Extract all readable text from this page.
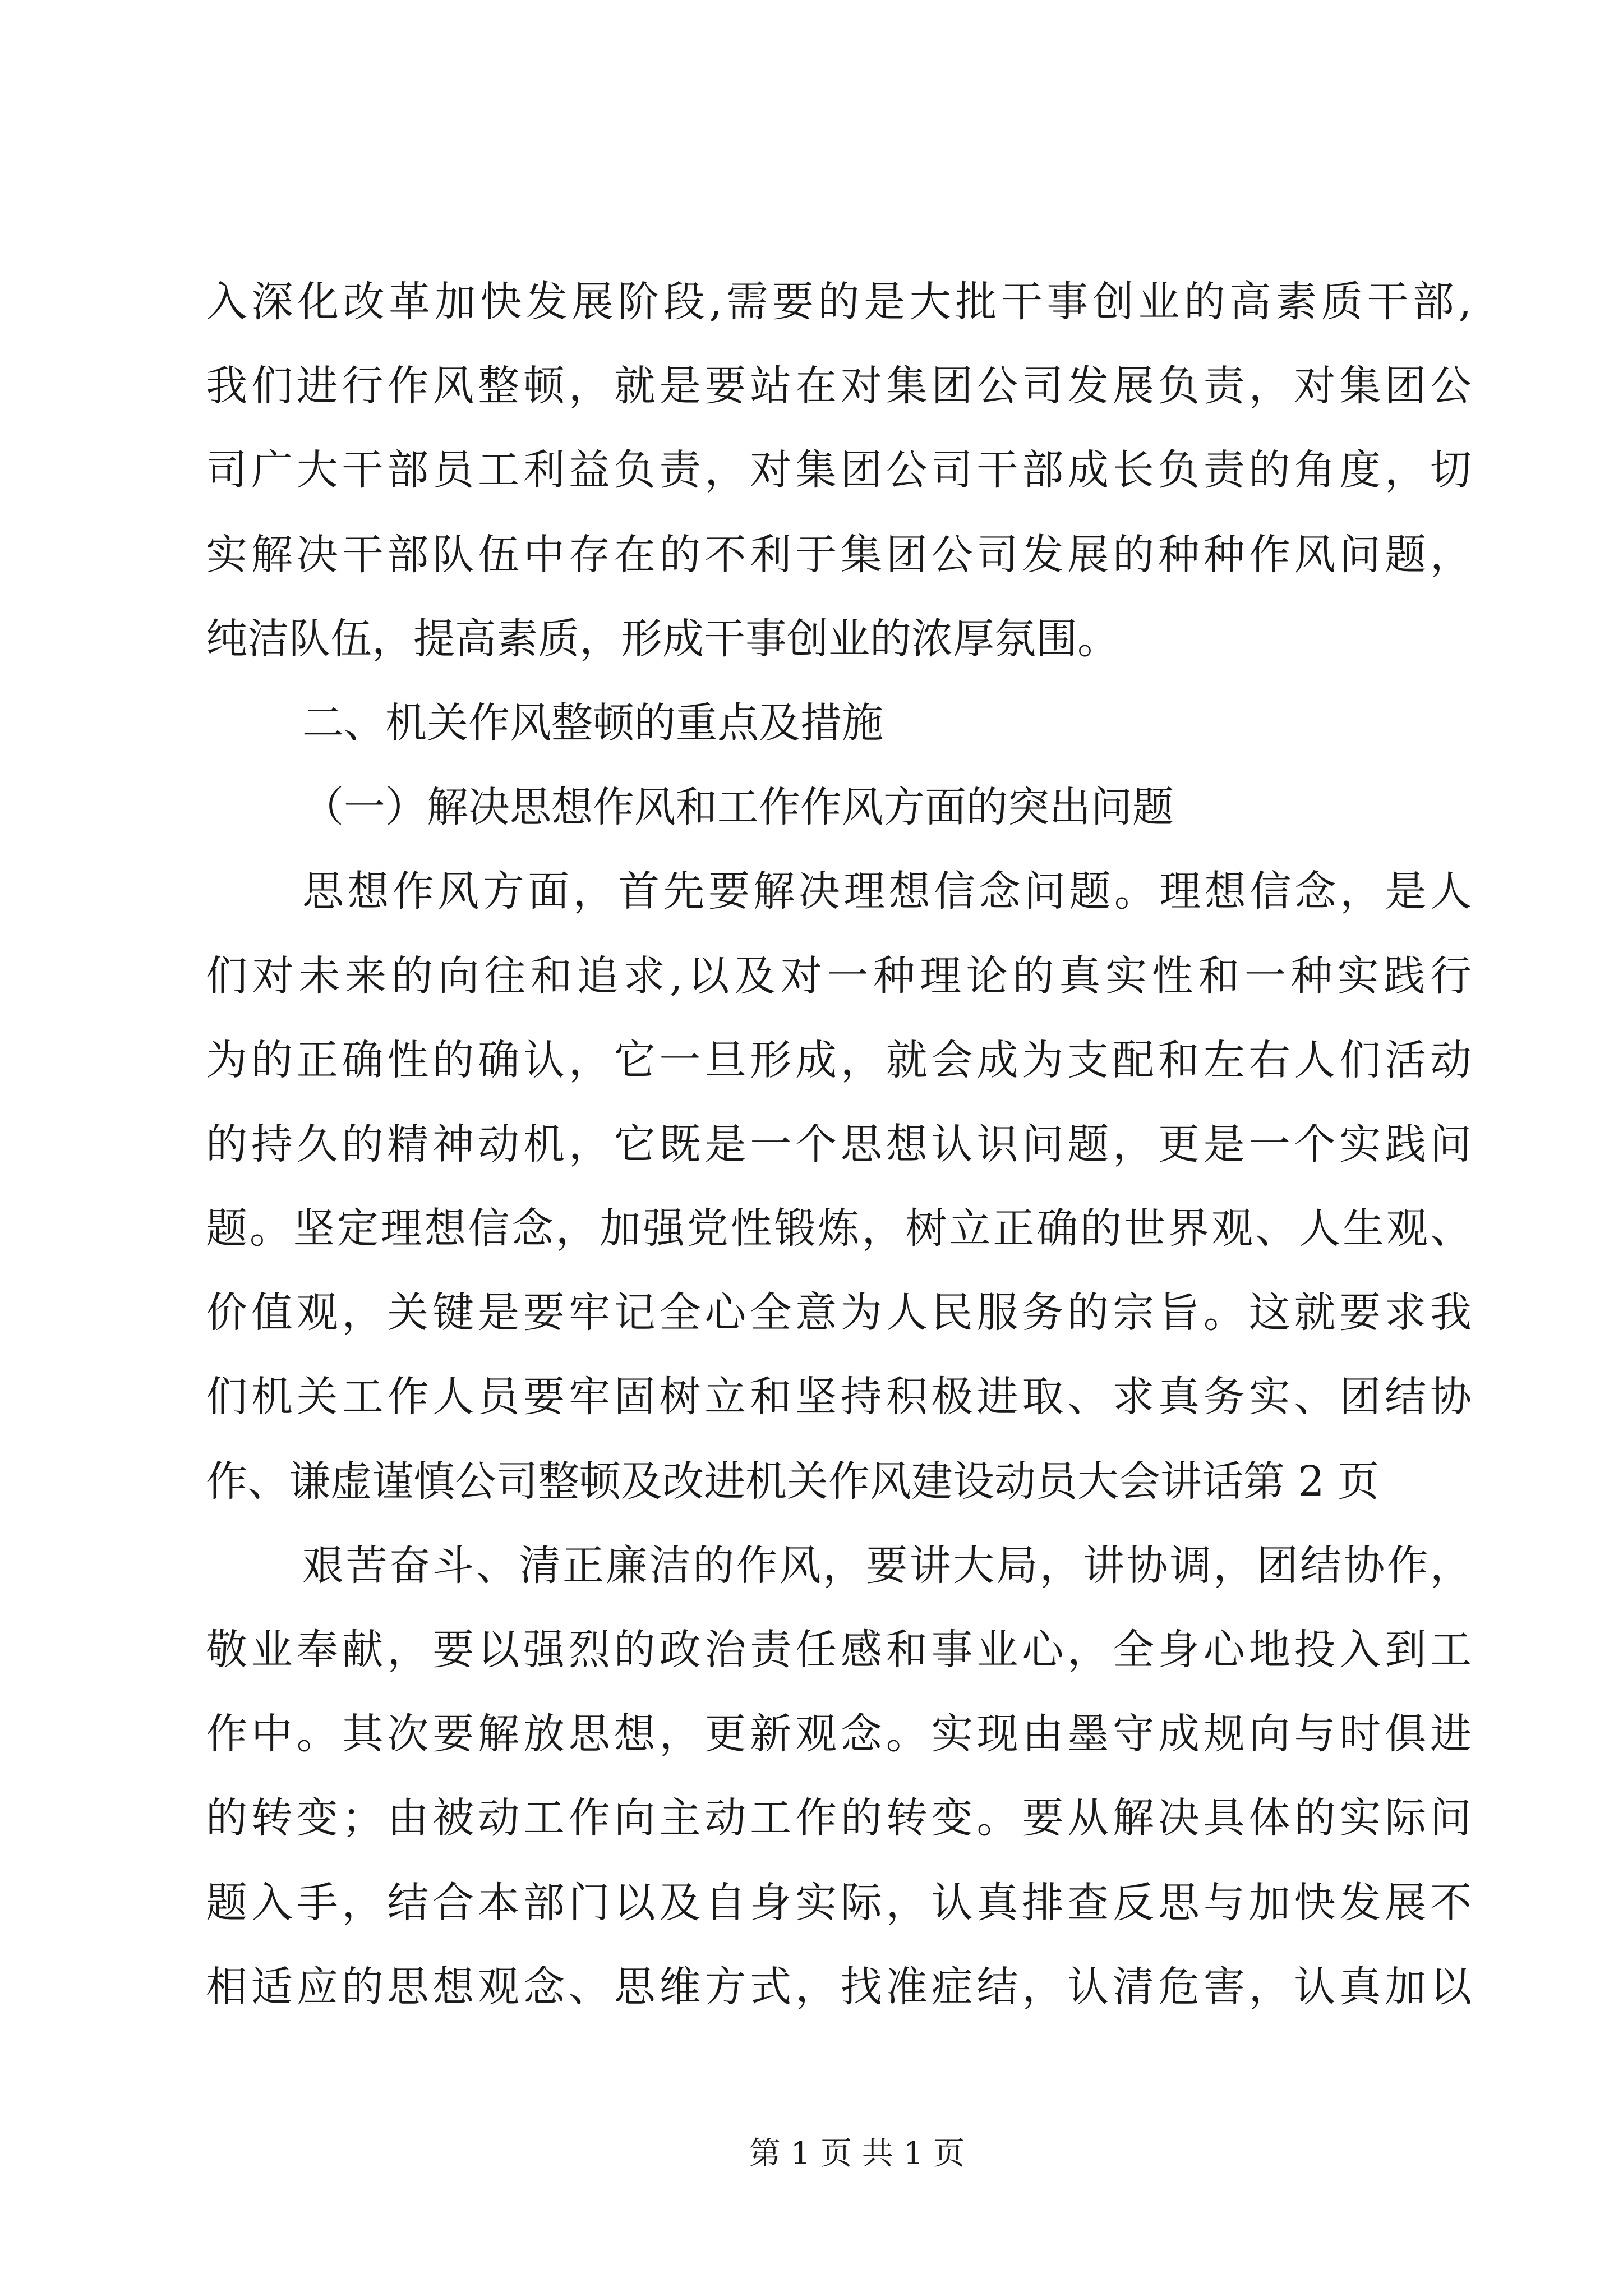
入深化改革加快发展阶段,需要的是大批干事创业的高素质干部,
我们进行作风整顿，就是要站在对集团公司发展负责，对集团公
司广大干部员工利益负责，对集团公司干部成长负责的角度，切
实解决干部队伍中存在的不利于集团公司发展的种种作风问题，
纯洁队伍，提高素质，形成干事创业的浓厚氛围。
二、机关作风整顿的重点及措施
（一）解决思想作风和工作作风方面的突出问题
思想作风方面，首先要解决理想信念问题。理想信念，是人
们对未来的向往和追求,以及对一种理论的真实性和一种实践行
为的正确性的确认，它一旦形成，就会成为支配和左右人们活动
的持久的精神动机，它既是一个思想认识问题，更是一个实践问
题。坚定理想信念，加强党性锻炼，树立正确的世界观、人生观、
价值观，关键是要牢记全心全意为人民服务的宗旨。这就要求我
们机关工作人员要牢固树立和坚持积极进取、求真务实、团结协
作、谦虚谨慎公司整顿及改进机关作风建设动员大会讲话第 2 页
艰苦奋斗、清正廉洁的作风，要讲大局，讲协调，团结协作，
敬业奉献，要以强烈的政治责任感和事业心，全身心地投入到工
作中。其次要解放思想，更新观念。实现由墨守成规向与时俱进
的转变；由被动工作向主动工作的转变。要从解决具体的实际问
题入手，结合本部门以及自身实际，认真排查反思与加快发展不
相适应的思想观念、思维方式，找准症结，认清危害，认真加以
第 1 页 共 1 页
